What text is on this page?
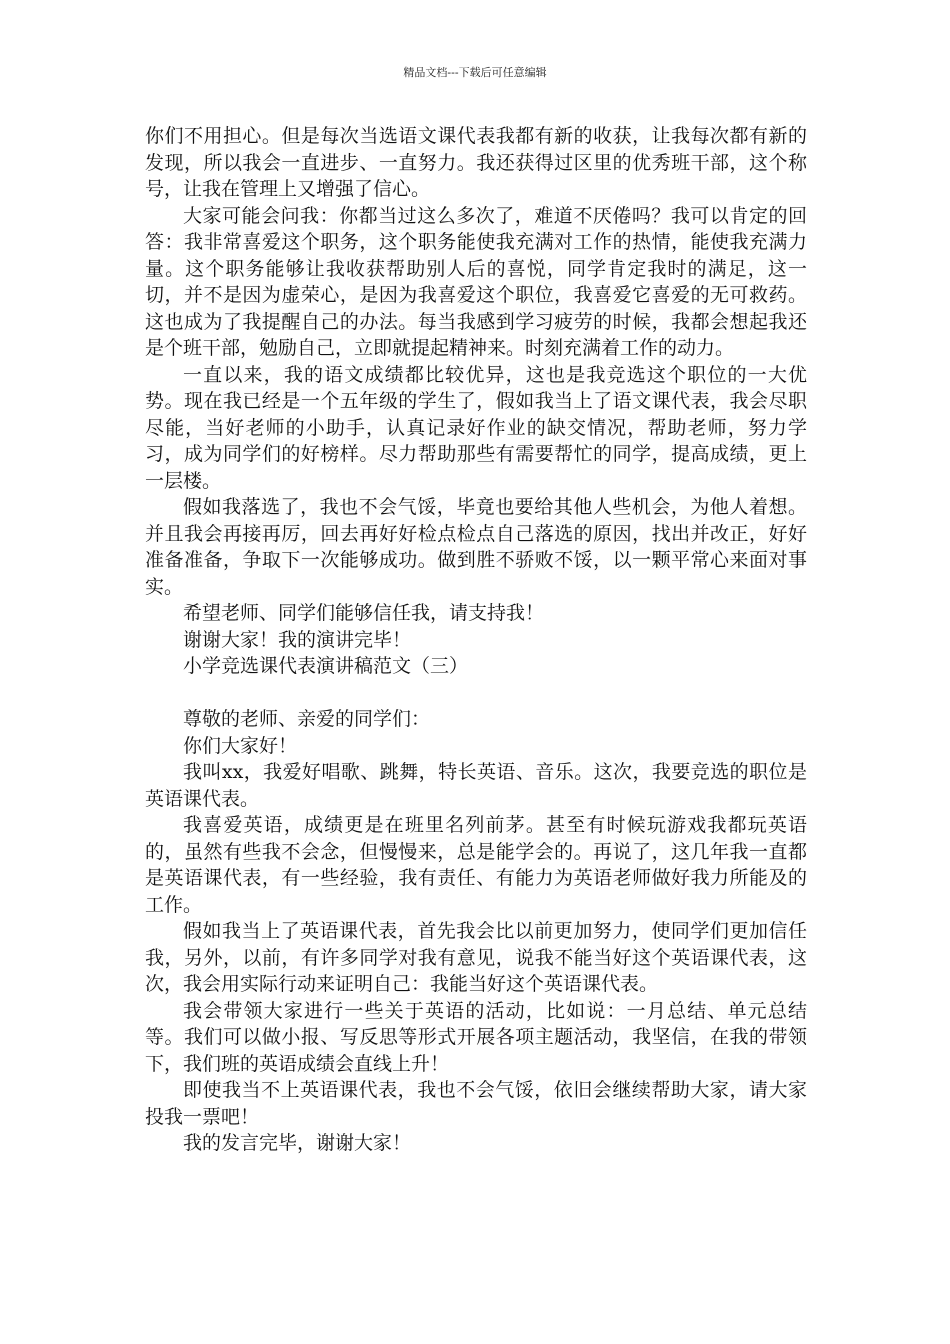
精品文档---下载后可任意编辑

你们不用担心。但是每次当选语文课代表我都有新的收获，让我每次都有新的发现，所以我会一直进步、一直努力。我还获得过区里的优秀班干部，这个称号，让我在管理上又增强了信心。

大家可能会问我：你都当过这么多次了，难道不厌倦吗？我可以肯定的回答：我非常喜爱这个职务，这个职务能使我充满对工作的热情，能使我充满力量。这个职务能够让我收获帮助别人后的喜悦，同学肯定我时的满足，这一切，并不是因为虚荣心，是因为我喜爱这个职位，我喜爱它喜爱的无可救药。这也成为了我提醒自己的办法。每当我感到学习疲劳的时候，我都会想起我还是个班干部，勉励自己，立即就提起精神来。时刻充满着工作的动力。

一直以来，我的语文成绩都比较优异，这也是我竞选这个职位的一大优势。现在我已经是一个五年级的学生了，假如我当上了语文课代表，我会尽职尽能，当好老师的小助手，认真记录好作业的缺交情况，帮助老师，努力学习，成为同学们的好榜样。尽力帮助那些有需要帮忙的同学，提高成绩，更上一层楼。

假如我落选了，我也不会气馁，毕竟也要给其他人些机会，为他人着想。并且我会再接再厉，回去再好好检点检点自己落选的原因，找出并改正，好好准备准备，争取下一次能够成功。做到胜不骄败不馁，以一颗平常心来面对事实。

希望老师、同学们能够信任我，请支持我！

谢谢大家！我的演讲完毕！

小学竞选课代表演讲稿范文（三）

尊敬的老师、亲爱的同学们：

你们大家好！

我叫xx，我爱好唱歌、跳舞，特长英语、音乐。这次，我要竞选的职位是英语课代表。

我喜爱英语，成绩更是在班里名列前茅。甚至有时候玩游戏我都玩英语的，虽然有些我不会念，但慢慢来，总是能学会的。再说了，这几年我一直都是英语课代表，有一些经验，我有责任、有能力为英语老师做好我力所能及的工作。

假如我当上了英语课代表，首先我会比以前更加努力，使同学们更加信任我，另外，以前，有许多同学对我有意见，说我不能当好这个英语课代表，这次，我会用实际行动来证明自己：我能当好这个英语课代表。

我会带领大家进行一些关于英语的活动，比如说：一月总结、单元总结等。我们可以做小报、写反思等形式开展各项主题活动，我坚信，在我的带领下，我们班的英语成绩会直线上升！

即使我当不上英语课代表，我也不会气馁，依旧会继续帮助大家，请大家投我一票吧！

我的发言完毕，谢谢大家！
